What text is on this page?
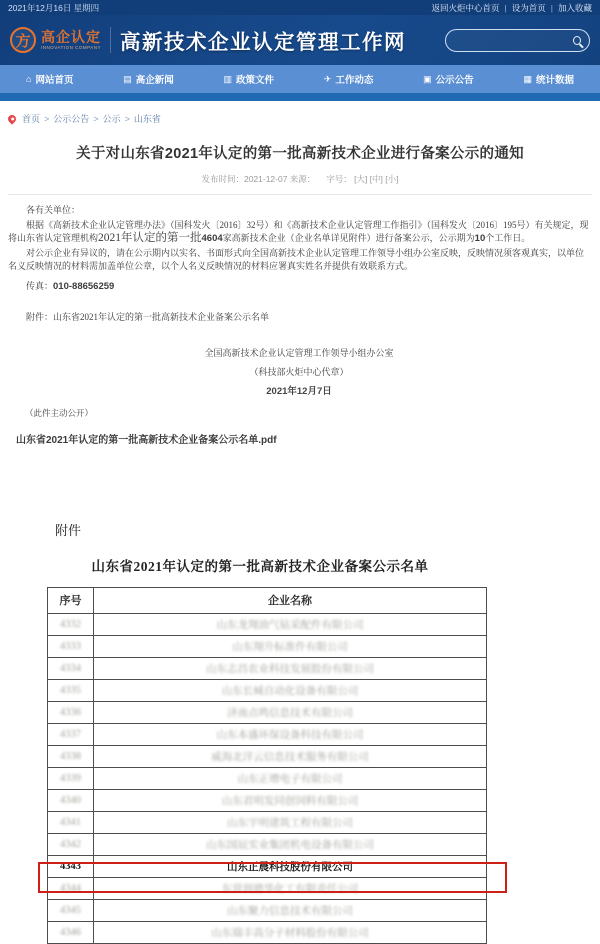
2021年12月16日 星期四	返回火炬中心首页 | 设为首页 | 加入收藏
方 高企认定
INNOVATION COMPANY 高新技术企业认定管理工作网
⌂ 网站首页	▤ 高企新闻	▥ 政策文件	✈ 工作动态	▣ 公示公告	▦ 统计数据
首页 > 公示公告 > 公示 > 山东省
关于对山东省2021年认定的第一批高新技术企业进行备案公示的通知
发布时间：2021-12-07 来源： 　 字号： [大] [中] [小]

各有关单位：

根据《高新技术企业认定管理办法》（国科发火〔2016〕32号）和《高新技术企业认定管理工作指引》（国科发火〔2016〕195号）有关规定，现将山东省认定管理机构2021年认定的第一批4604家高新技术企业（企业名单详见附件）进行备案公示，公示期为10个工作日。

对公示企业有异议的，请在公示期内以实名、书面形式向全国高新技术企业认定管理工作领导小组办公室反映，反映情况须客观真实，以单位名义反映情况的材料需加盖单位公章，以个人名义反映情况的材料应署真实姓名并提供有效联系方式。

传真：010-88656259

附件：山东省2021年认定的第一批高新技术企业备案公示名单

全国高新技术企业认定管理工作领导小组办公室

（科技部火炬中心代章）

2021年12月7日

（此件主动公开）

山东省2021年认定的第一批高新技术企业备案公示名单.pdf
附件
山东省2021年认定的第一批高新技术企业备案公示名单
序号	企业名称
4332	山东龙翔油气钻采配件有限公司
4333	山东翔升标准件有限公司
4334	山东志昌农业科技发展股份有限公司
4335	山东长城自动化设备有限公司
4336	济南点鸣信息技术有限公司
4337	山东本盛环保设备科技有限公司
4338	威海北洋云信息技术服务有限公司
4339	山东正增电子有限公司
4340	山东君明发同创饲料有限公司
4341	山东宇明建筑工程有限公司
4342	山东国辰实业集团机电设备有限公司
4343	山东正晨科技股份有限公司
4344	东营润德华化工有限责任公司
4345	山东聚力信息技术有限公司
4346	山东瑞丰高分子材料股份有限公司
